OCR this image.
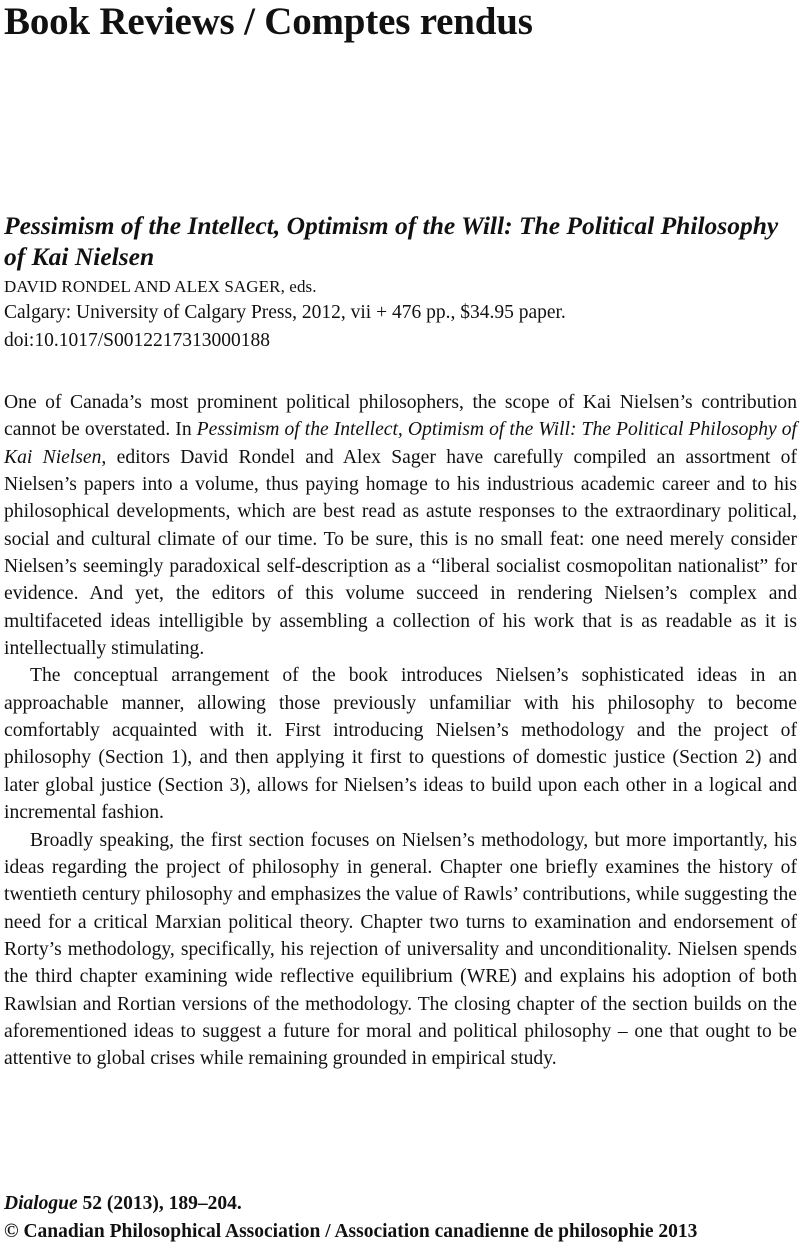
Book Reviews / Comptes rendus
Pessimism of the Intellect, Optimism of the Will: The Political Philosophy of Kai Nielsen

DAVID RONDEL AND ALEX SAGER, eds.

Calgary: University of Calgary Press, 2012, vii + 476 pp., $34.95 paper.

doi:10.1017/S0012217313000188

One of Canada’s most prominent political philosophers, the scope of Kai Nielsen’s contribution cannot be overstated. In Pessimism of the Intellect, Optimism of the Will: The Political Philosophy of Kai Nielsen, editors David Rondel and Alex Sager have carefully compiled an assortment of Nielsen’s papers into a volume, thus paying homage to his industrious academic career and to his philosophical developments, which are best read as astute responses to the extraordinary political, social and cultural climate of our time. To be sure, this is no small feat: one need merely consider Nielsen’s seemingly paradoxical self-description as a “liberal socialist cosmopolitan nationalist” for evidence. And yet, the editors of this volume succeed in rendering Nielsen’s complex and multifaceted ideas intelligible by assembling a collection of his work that is as readable as it is intellectually stimulating.

The conceptual arrangement of the book introduces Nielsen’s sophisticated ideas in an approachable manner, allowing those previously unfamiliar with his philosophy to become comfortably acquainted with it. First introducing Nielsen’s methodology and the project of philosophy (Section 1), and then applying it first to questions of domestic justice (Section 2) and later global justice (Section 3), allows for Nielsen’s ideas to build upon each other in a logical and incremental fashion.

Broadly speaking, the first section focuses on Nielsen’s methodology, but more importantly, his ideas regarding the project of philosophy in general. Chapter one briefly examines the history of twentieth century philosophy and emphasizes the value of Rawls’ contributions, while suggesting the need for a critical Marxian political theory. Chapter two turns to examination and endorsement of Rorty’s methodology, specifically, his rejection of universality and unconditionality. Nielsen spends the third chapter examining wide reflective equilibrium (WRE) and explains his adoption of both Rawlsian and Rortian versions of the methodology. The closing chapter of the section builds on the aforementioned ideas to suggest a future for moral and political philosophy – one that ought to be attentive to global crises while remaining grounded in empirical study.

Dialogue 52 (2013), 189–204.
© Canadian Philosophical Association / Association canadienne de philosophie 2013
